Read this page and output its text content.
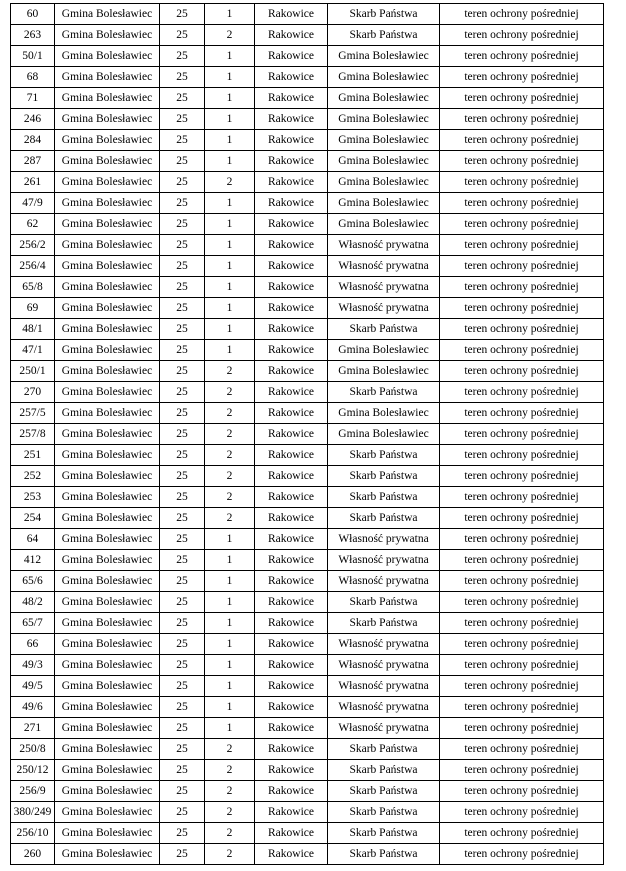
60	Gmina Bolesławiec	25	1	Rakowice	Skarb Państwa	teren ochrony pośredniej
263	Gmina Bolesławiec	25	2	Rakowice	Skarb Państwa	teren ochrony pośredniej
50/1	Gmina Bolesławiec	25	1	Rakowice	Gmina Bolesławiec	teren ochrony pośredniej
68	Gmina Bolesławiec	25	1	Rakowice	Gmina Bolesławiec	teren ochrony pośredniej
71	Gmina Bolesławiec	25	1	Rakowice	Gmina Bolesławiec	teren ochrony pośredniej
246	Gmina Bolesławiec	25	1	Rakowice	Gmina Bolesławiec	teren ochrony pośredniej
284	Gmina Bolesławiec	25	1	Rakowice	Gmina Bolesławiec	teren ochrony pośredniej
287	Gmina Bolesławiec	25	1	Rakowice	Gmina Bolesławiec	teren ochrony pośredniej
261	Gmina Bolesławiec	25	2	Rakowice	Gmina Bolesławiec	teren ochrony pośredniej
47/9	Gmina Bolesławiec	25	1	Rakowice	Gmina Bolesławiec	teren ochrony pośredniej
62	Gmina Bolesławiec	25	1	Rakowice	Gmina Bolesławiec	teren ochrony pośredniej
256/2	Gmina Bolesławiec	25	1	Rakowice	Własność prywatna	teren ochrony pośredniej
256/4	Gmina Bolesławiec	25	1	Rakowice	Własność prywatna	teren ochrony pośredniej
65/8	Gmina Bolesławiec	25	1	Rakowice	Własność prywatna	teren ochrony pośredniej
69	Gmina Bolesławiec	25	1	Rakowice	Własność prywatna	teren ochrony pośredniej
48/1	Gmina Bolesławiec	25	1	Rakowice	Skarb Państwa	teren ochrony pośredniej
47/1	Gmina Bolesławiec	25	1	Rakowice	Gmina Bolesławiec	teren ochrony pośredniej
250/1	Gmina Bolesławiec	25	2	Rakowice	Gmina Bolesławiec	teren ochrony pośredniej
270	Gmina Bolesławiec	25	2	Rakowice	Skarb Państwa	teren ochrony pośredniej
257/5	Gmina Bolesławiec	25	2	Rakowice	Gmina Bolesławiec	teren ochrony pośredniej
257/8	Gmina Bolesławiec	25	2	Rakowice	Gmina Bolesławiec	teren ochrony pośredniej
251	Gmina Bolesławiec	25	2	Rakowice	Skarb Państwa	teren ochrony pośredniej
252	Gmina Bolesławiec	25	2	Rakowice	Skarb Państwa	teren ochrony pośredniej
253	Gmina Bolesławiec	25	2	Rakowice	Skarb Państwa	teren ochrony pośredniej
254	Gmina Bolesławiec	25	2	Rakowice	Skarb Państwa	teren ochrony pośredniej
64	Gmina Bolesławiec	25	1	Rakowice	Własność prywatna	teren ochrony pośredniej
412	Gmina Bolesławiec	25	1	Rakowice	Własność prywatna	teren ochrony pośredniej
65/6	Gmina Bolesławiec	25	1	Rakowice	Własność prywatna	teren ochrony pośredniej
48/2	Gmina Bolesławiec	25	1	Rakowice	Skarb Państwa	teren ochrony pośredniej
65/7	Gmina Bolesławiec	25	1	Rakowice	Skarb Państwa	teren ochrony pośredniej
66	Gmina Bolesławiec	25	1	Rakowice	Własność prywatna	teren ochrony pośredniej
49/3	Gmina Bolesławiec	25	1	Rakowice	Własność prywatna	teren ochrony pośredniej
49/5	Gmina Bolesławiec	25	1	Rakowice	Własność prywatna	teren ochrony pośredniej
49/6	Gmina Bolesławiec	25	1	Rakowice	Własność prywatna	teren ochrony pośredniej
271	Gmina Bolesławiec	25	1	Rakowice	Własność prywatna	teren ochrony pośredniej
250/8	Gmina Bolesławiec	25	2	Rakowice	Skarb Państwa	teren ochrony pośredniej
250/12	Gmina Bolesławiec	25	2	Rakowice	Skarb Państwa	teren ochrony pośredniej
256/9	Gmina Bolesławiec	25	2	Rakowice	Skarb Państwa	teren ochrony pośredniej
380/249	Gmina Bolesławiec	25	2	Rakowice	Skarb Państwa	teren ochrony pośredniej
256/10	Gmina Bolesławiec	25	2	Rakowice	Skarb Państwa	teren ochrony pośredniej
260	Gmina Bolesławiec	25	2	Rakowice	Skarb Państwa	teren ochrony pośredniej
